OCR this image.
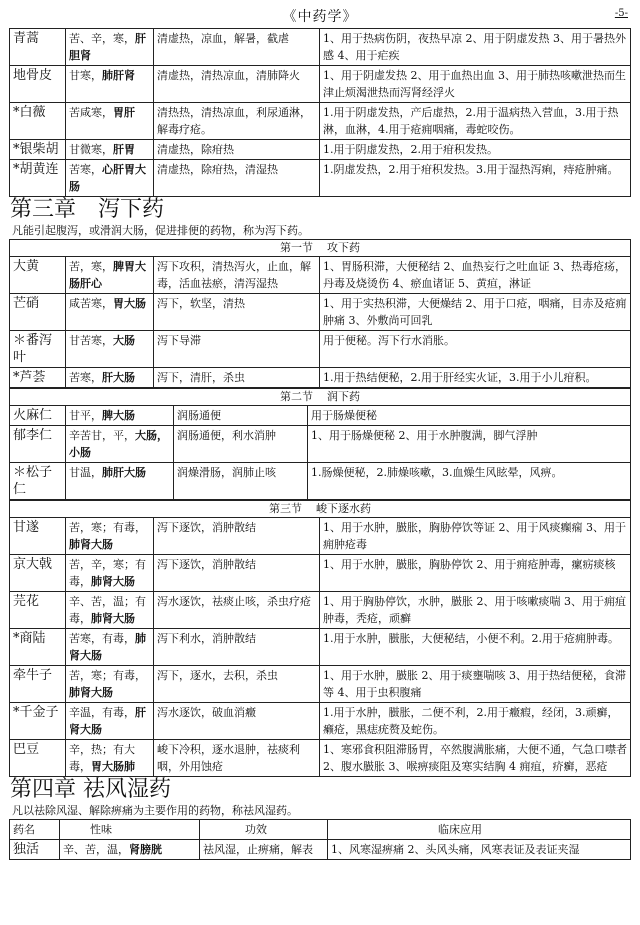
《中药学》	-5-
青蒿	苦、辛，寒，肝胆肾	清虚热，凉血，解暑，截虐	1、用于热病伤阴，夜热早凉 2、用于阴虚发热 3、用于暑热外感 4、用于疟疾
地骨皮	甘寒，肺肝肾	清虚热，清热凉血，清肺降火	1、用于阴虚发热 2、用于血热出血 3、用于肺热咳嗽泄热而生津止烦渴泄热而泻肾经浮火
*白薇	苦咸寒，胃肝	清热热，清热凉血，利尿通淋，解毒疗疮。	1.用于阴虚发热，产后虚热，2.用于温病热入营血，3.用于热淋，血淋，4.用于疮痈咽痛，毒蛇咬伤。
*银柴胡	甘微寒，肝胃	清虚热，除疳热	1.用于阴虚发热，2.用于疳积发热。
*胡黄连	苦寒，心肝胃大肠	清虚热，除疳热，清湿热	1.阴虚发热，2.用于疳积发热。3.用于湿热泻痢，痔疮肿痛。
第三章 泻下药
凡能引起腹泻，或滑润大肠，促进排便的药物，称为泻下药。
第一节 攻下药			
大黄	苦，寒，脾胃大肠肝心	泻下攻积，清热泻火，止血，解毒，活血祛瘀，清泻湿热	1、胃肠积滞，大便秘结 2、血热妄行之吐血证 3、热毒疮疡，丹毒及烧烫伤 4、瘀血诸证 5、黄疸，淋证
芒硝	咸苦寒，胃大肠	泻下，软坚，清热	1、用于实热积滞，大便燥结 2、用于口疮，咽痛，目赤及疮痈肿痛 3、外敷尚可回乳
＊番泻叶	甘苦寒，大肠	泻下导滞	用于便秘。泻下行水消胀。
*芦荟	苦寒，肝大肠	泻下，清肝，杀虫	1.用于热结便秘，2.用于肝经实火证，3.用于小儿疳积。
第二节 润下药			
火麻仁	甘平，脾大肠	润肠通便	用于肠燥便秘
郁李仁	辛苦甘，平，大肠，小肠	润肠通便，利水消肿	1、用于肠燥便秘 2、用于水肿腹满，脚气浮肿
＊松子仁	甘温，肺肝大肠	润燥滑肠，润肺止咳	1.肠燥便秘，2.肺燥咳嗽，3.血燥生风眩晕，风痹。
第三节 峻下逐水药			
甘遂	苦，寒；有毒，肺肾大肠	泻下逐饮，消肿散结	1、用于水肿，臌胀，胸胁停饮等证 2、用于风痰癫痫 3、用于痈肿疮毒
京大戟	苦，辛，寒；有毒，肺肾大肠	泻下逐饮，消肿散结	1、用于水肿，臌胀，胸胁停饮 2、用于痈疮肿毒，瘰疬痰核
芫花	辛、苦，温；有毒，肺肾大肠	泻水逐饮，祛痰止咳，杀虫疗疮	1、用于胸胁停饮，水肿，臌胀 2、用于咳嗽痰喘 3、用于痈疽肿毒，秃疮，顽癣
*商陆	苦寒，有毒，肺肾大肠	泻下利水，消肿散结	1.用于水肿，臌胀，大便秘结，小便不利。2.用于疮痈肿毒。
牵牛子	苦，寒；有毒，肺肾大肠	泻下，逐水，去积，杀虫	1、用于水肿，臌胀 2、用于痰壅喘咳 3、用于热结便秘，食滞等 4、用于虫积腹痛
*千金子	辛温，有毒，肝肾大肠	泻水逐饮，破血消癥	1.用于水肿，臌胀，二便不利，2.用于癥瘕，经闭，3.顽癣，癞疮，黑痣疣赘及蛇伤。
巴豆	辛，热；有大毒，胃大肠肺	峻下冷积，逐水退肿，祛痰利咽，外用蚀疮	1、寒邪食积阻滞肠胃，卒然腹满胀痛，大便不通，气急口噤者 2、腹水臌胀 3、喉痹痰阻及寒实结胸 4 痈疽，疥癣，恶疮
第四章 祛风湿药
凡以祛除风湿、解除痹痛为主要作用的药物，称祛风湿药。
药名	性味	功效	临床应用
独活	辛、苦，温，肾膀胱	祛风湿，止痹痛，解表	1、风寒湿痹痛 2、头风头痛，风寒表证及表证夹湿
